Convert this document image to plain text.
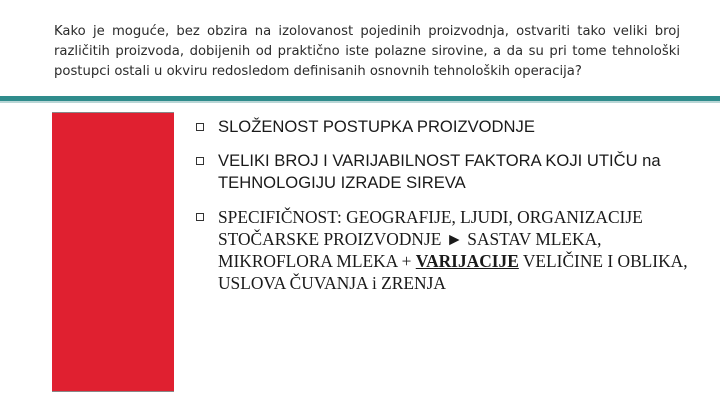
Kako je moguće, bez obzira na izolovanost pojedinih proizvodnja, ostvariti tako veliki broj različitih proizvoda, dobijenih od praktično iste polazne sirovine, a da su pri tome tehnološki postupci ostali u okviru redosledom definisanih osnovnih tehnoloških operacija?
SLOŽENOST POSTUPKA PROIZVODNJE
VELIKI BROJ I VARIJABILNOST FAKTORA KOJI UTIČU na TEHNOLOGIJU IZRADE SIREVA
SPECIFIČNOST: GEOGRAFIJE, LJUDI, ORGANIZACIJE STOČARSKE PROIZVODNJE ► SASTAV MLEKA, MIKROFLORA MLEKA + VARIJACIJE VELIČINE I OBLIKA, USLOVA ČUVANJA i ZRENJA
